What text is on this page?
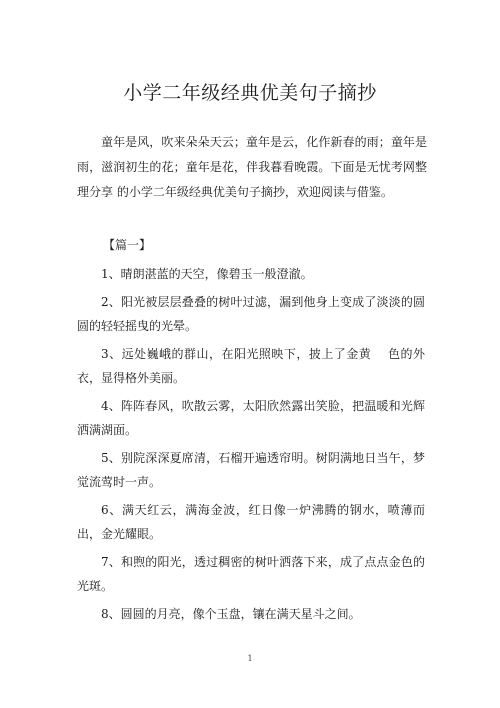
小学二年级经典优美句子摘抄

童年是风，吹来朵朵天云；童年是云，化作新春的雨；童年是雨，滋润初生的花；童年是花，伴我暮看晚霞。下面是无忧考网整理分享 的小学二年级经典优美句子摘抄，欢迎阅读与借鉴。

【篇一】

1、晴朗湛蓝的天空，像碧玉一般澄澈。

2、阳光被层层叠叠的树叶过滤，漏到他身上变成了淡淡的圆圆的轻轻摇曳的光晕。

3、远处巍峨的群山，在阳光照映下，披上了金黄　 色的外衣，显得格外美丽。

4、阵阵春风，吹散云雾，太阳欣然露出笑脸，把温暖和光辉洒满湖面。

5、别院深深夏席清，石榴开遍透帘明。树阴满地日当午，梦觉流莺时一声。

6、满天红云，满海金波，红日像一炉沸腾的钢水，喷薄而出，金光耀眼。

7、和煦的阳光，透过稠密的树叶洒落下来，成了点点金色的光斑。

8、圆圆的月亮，像个玉盘，镶在满天星斗之间。

1
